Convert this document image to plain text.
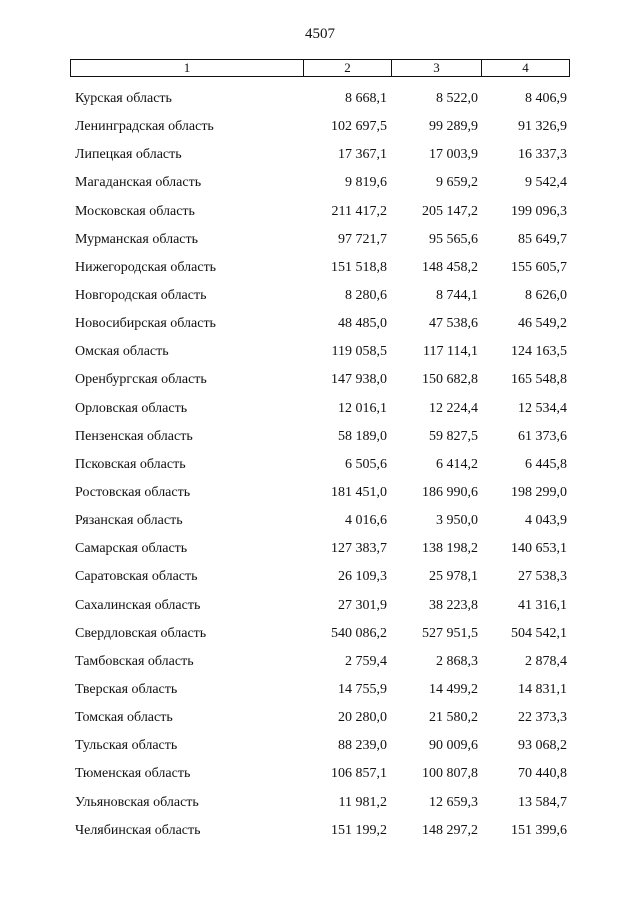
4507
1	2	3	4
Курская область	8 668,1	8 522,0	8 406,9
Ленинградская область	102 697,5	99 289,9	91 326,9
Липецкая область	17 367,1	17 003,9	16 337,3
Магаданская область	9 819,6	9 659,2	9 542,4
Московская область	211 417,2	205 147,2	199 096,3
Мурманская область	97 721,7	95 565,6	85 649,7
Нижегородская область	151 518,8	148 458,2	155 605,7
Новгородская область	8 280,6	8 744,1	8 626,0
Новосибирская область	48 485,0	47 538,6	46 549,2
Омская область	119 058,5	117 114,1	124 163,5
Оренбургская область	147 938,0	150 682,8	165 548,8
Орловская область	12 016,1	12 224,4	12 534,4
Пензенская область	58 189,0	59 827,5	61 373,6
Псковская область	6 505,6	6 414,2	6 445,8
Ростовская область	181 451,0	186 990,6	198 299,0
Рязанская область	4 016,6	3 950,0	4 043,9
Самарская область	127 383,7	138 198,2	140 653,1
Саратовская область	26 109,3	25 978,1	27 538,3
Сахалинская область	27 301,9	38 223,8	41 316,1
Свердловская область	540 086,2	527 951,5	504 542,1
Тамбовская область	2 759,4	2 868,3	2 878,4
Тверская область	14 755,9	14 499,2	14 831,1
Томская область	20 280,0	21 580,2	22 373,3
Тульская область	88 239,0	90 009,6	93 068,2
Тюменская область	106 857,1	100 807,8	70 440,8
Ульяновская область	11 981,2	12 659,3	13 584,7
Челябинская область	151 199,2	148 297,2	151 399,6
